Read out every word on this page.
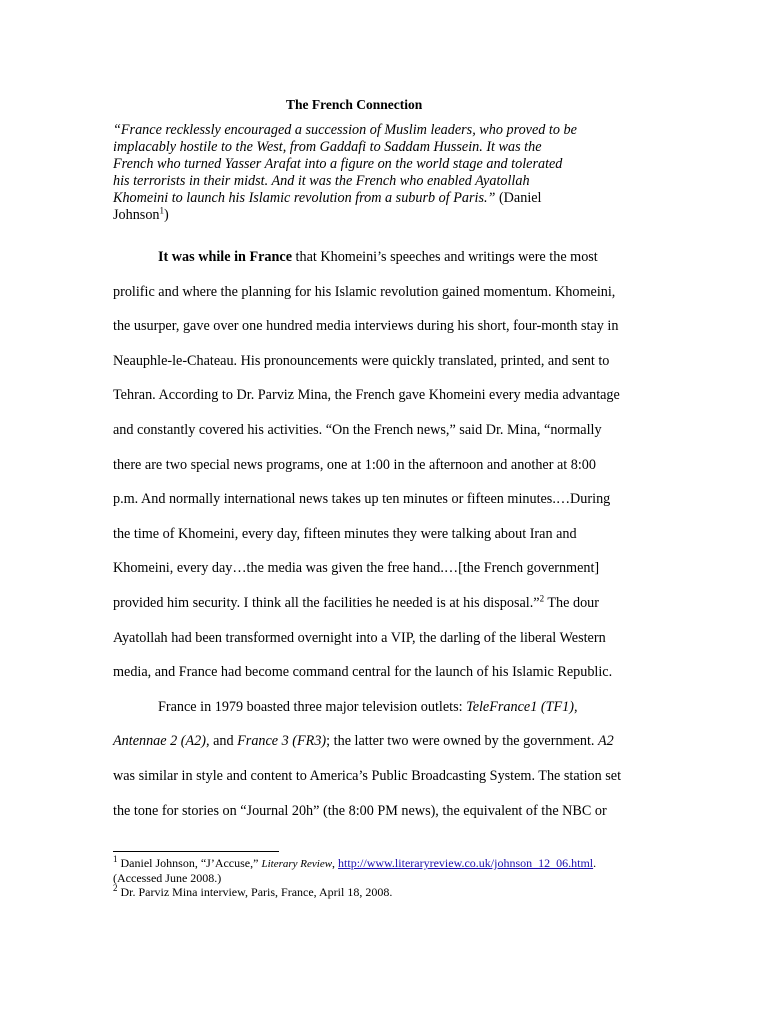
The French Connection
“France recklessly encouraged a succession of Muslim leaders, who proved to be
implacably hostile to the West, from Gaddafi to Saddam Hussein. It was the
French who turned Yasser Arafat into a figure on the world stage and tolerated
his terrorists in their midst. And it was the French who enabled Ayatollah
Khomeini to launch his Islamic revolution from a suburb of Paris.” (Daniel
Johnson$^1$)
It was while in France that Khomeini’s speeches and writings were the most
prolific and where the planning for his Islamic revolution gained momentum. Khomeini,
the usurper, gave over one hundred media interviews during his short, four-month stay in
Neauphle-le-Chateau. His pronouncements were quickly translated, printed, and sent to
Tehran. According to Dr. Parviz Mina, the French gave Khomeini every media advantage
and constantly covered his activities. “On the French news,” said Dr. Mina, “normally
there are two special news programs, one at 1:00 in the afternoon and another at 8:00
p.m. And normally international news takes up ten minutes or fifteen minutes.…During
the time of Khomeini, every day, fifteen minutes they were talking about Iran and
Khomeini, every day…the media was given the free hand.…[the French government]
provided him security. I think all the facilities he needed is at his disposal.”$^2$ The dour
Ayatollah had been transformed overnight into a VIP, the darling of the liberal Western
media, and France had become command central for the launch of his Islamic Republic.
France in 1979 boasted three major television outlets: TeleFrance1 (TF1),
Antennae 2 (A2), and France 3 (FR3); the latter two were owned by the government. A2
was similar in style and content to America’s Public Broadcasting System. The station set
the tone for stories on “Journal 20h” (the 8:00 PM news), the equivalent of the NBC or
$^1$ Daniel Johnson, “J’Accuse,” Literary Review, http://www.literaryreview.co.uk/johnson_12_06.html.
(Accessed June 2008.)
$^2$ Dr. Parviz Mina interview, Paris, France, April 18, 2008.
